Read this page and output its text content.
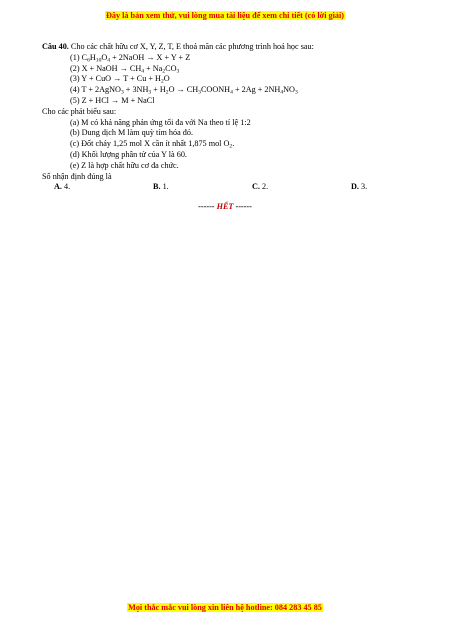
Đây là bản xem thử, vui lòng mua tài liệu để xem chi tiết (có lời giải)
Câu 40. Cho các chất hữu cơ X, Y, Z, T, E thoả mãn các phương trình hoá học sau:
(1) $C_6H_{10}O_4$ + 2NaOH → X + Y + Z
(2) X + NaOH → $CH_4 + Na_2CO_3$
(3) Y + CuO → $T + Cu + H_2O$
(4) T + 2AgNO$_3$ + $3NH_3 + H_2O$ → $CH_3COONH_4 + 2Ag + 2NH_4NO_3$
(5) Z + HCl → M + NaCl
Cho các phát biểu sau:
(a) M có khả năng phản ứng tối đa với Na theo tỉ lệ 1:2
(b) Dung dịch M làm quỳ tím hóa đỏ.
(c) Đốt cháy 1,25 mol X cần ít nhất 1,875 mol $O_2$.
(d) Khối lượng phân tử của Y là 60.
(e) Z là hợp chất hữu cơ đa chức.
Số nhận định đúng là
A. 4.	B. 1.	C. 2.	D. 3.
------ HẾT ------
Mọi thắc mắc vui lòng xin liên hệ hotline: 084 283 45 85
